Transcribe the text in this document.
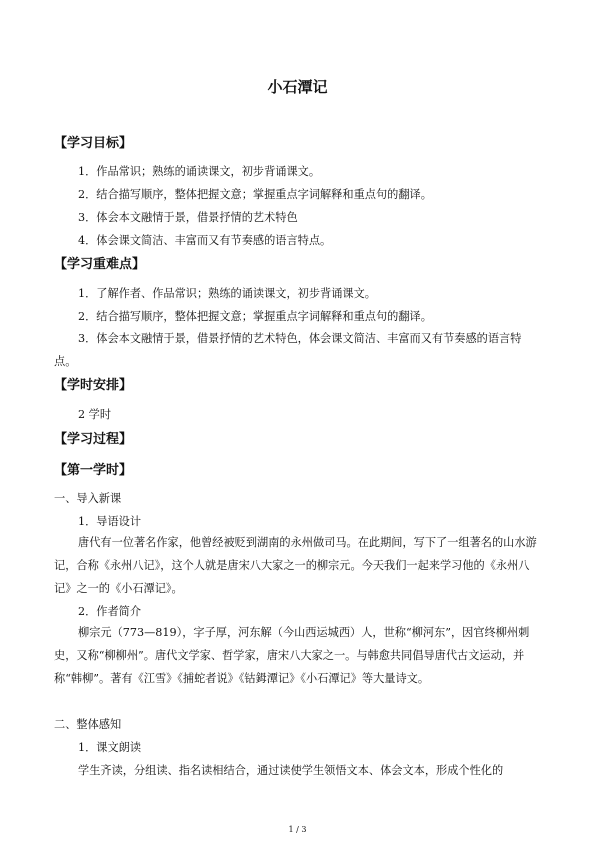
小石潭记
【学习目标】
1．作品常识；熟练的诵读课文，初步背诵课文。
2．结合描写顺序，整体把握文意；掌握重点字词解释和重点句的翻译。
3．体会本文融情于景，借景抒情的艺术特色
4．体会课文简洁、丰富而又有节奏感的语言特点。
【学习重难点】
1．了解作者、作品常识；熟练的诵读课文，初步背诵课文。
2．结合描写顺序，整体把握文意；掌握重点字词解释和重点句的翻译。
3．体会本文融情于景，借景抒情的艺术特色，体会课文简洁、丰富而又有节奏感的语言特点。
【学时安排】
2 学时
【学习过程】
【第一学时】
一、导入新课
1．导语设计
唐代有一位著名作家，他曾经被贬到湖南的永州做司马。在此期间，写下了一组著名的山水游记，合称《永州八记》，这个人就是唐宋八大家之一的柳宗元。今天我们一起来学习他的《永州八记》之一的《小石潭记》。
2．作者简介
柳宗元（773—819），字子厚，河东解（今山西运城西）人，世称“柳河东”，因官终柳州刺史，又称“柳柳州”。唐代文学家、哲学家，唐宋八大家之一。与韩愈共同倡导唐代古文运动，并称“韩柳”。著有《江雪》《捕蛇者说》《钴鉧潭记》《小石潭记》等大量诗文。
二、整体感知
1．课文朗读
学生齐读，分组读、指名读相结合，通过读使学生领悟文本、体会文本，形成个性化的
1 / 3
